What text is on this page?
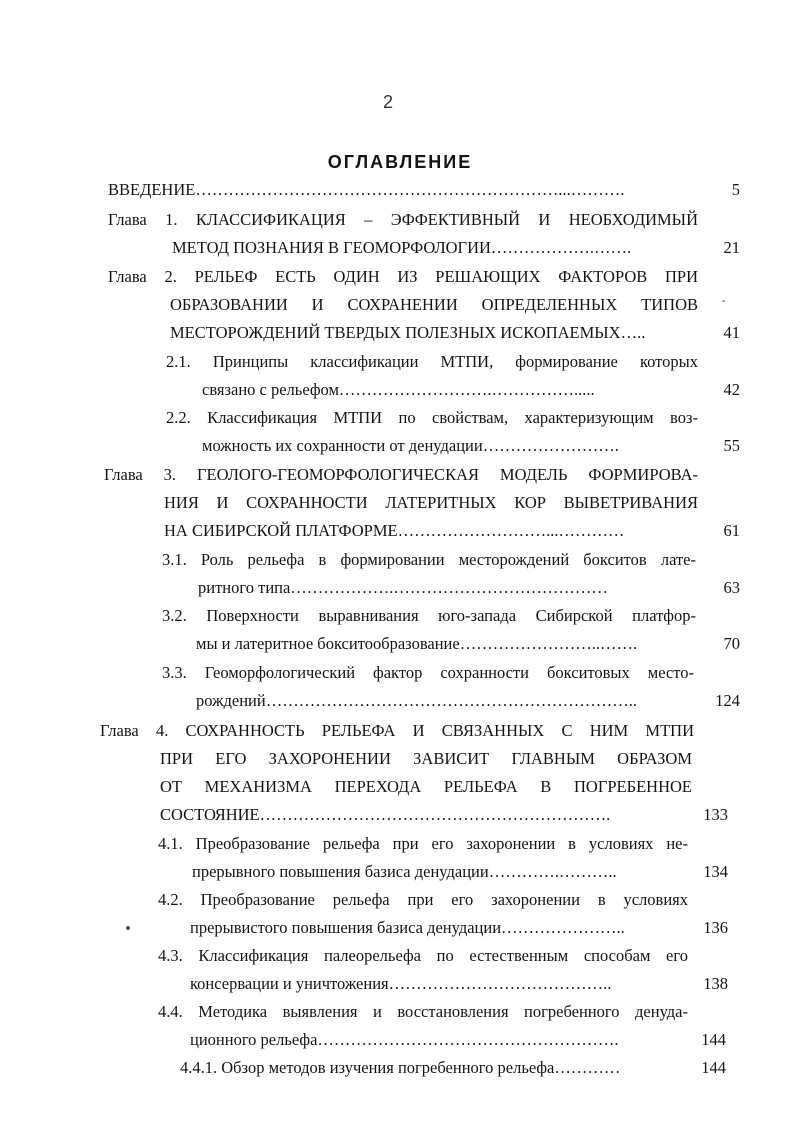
2
ОГЛАВЛЕНИЕ
ВВЕДЕНИЕ…………………………………………………………...……….	5
Глава 1. КЛАССИФИКАЦИЯ – ЭФФЕКТИВНЫЙ И НЕОБХОДИМЫЙ
МЕТОД ПОЗНАНИЯ В ГЕОМОРФОЛОГИИ……………….…….	21
Глава 2. РЕЛЬЕФ ЕСТЬ ОДИН ИЗ РЕШАЮЩИХ ФАКТОРОВ ПРИ
ОБРАЗОВАНИИ И СОХРАНЕНИИ ОПРЕДЕЛЕННЫХ ТИПОВ
МЕСТОРОЖДЕНИЙ ТВЕРДЫХ ПОЛЕЗНЫХ ИСКОПАЕМЫХ…..	41
2.1. Принципы классификации МТПИ, формирование которых
связано с рельефом……………………….…………….....	42
2.2. Классификация МТПИ по свойствам, характеризующим воз-
можность их сохранности от денудации…………………….	55
Глава 3. ГЕОЛОГО-ГЕОМОРФОЛОГИЧЕСКАЯ МОДЕЛЬ ФОРМИРОВА-
НИЯ И СОХРАННОСТИ ЛАТЕРИТНЫХ КОР ВЫВЕТРИВАНИЯ
НА СИБИРСКОЙ ПЛАТФОРМЕ………………………...…………	61
3.1. Роль рельефа в формировании месторождений бокситов лате-
ритного типа……………….…………………………………	63
3.2. Поверхности выравнивания юго-запада Сибирской платфор-
мы и латеритное бокситообразование……………………..…….	70
3.3. Геоморфологический фактор сохранности бокситовых место-
рождений…………………………………………………………..	124
Глава 4. СОХРАННОСТЬ РЕЛЬЕФА И СВЯЗАННЫХ С НИМ МТПИ
ПРИ ЕГО ЗАХОРОНЕНИИ ЗАВИСИТ ГЛАВНЫМ ОБРАЗОМ
ОТ МЕХАНИЗМА ПЕРЕХОДА РЕЛЬЕФА В ПОГРЕБЕННОЕ
СОСТОЯНИЕ……………………………………………………….	133
4.1. Преобразование рельефа при его захоронении в условиях не-
прерывного повышения базиса денудации………….………..	134
4.2. Преобразование рельефа при его захоронении в условиях
прерывистого повышения базиса денудации…………………..	136
4.3. Классификация палеорельефа по естественным способам его
консервации и уничтожения…………………………………..	138
4.4. Методика выявления и восстановления погребенного денуда-
ционного рельефа……………………………………………….	144
4.4.1. Обзор методов изучения погребенного рельефа…………	144
